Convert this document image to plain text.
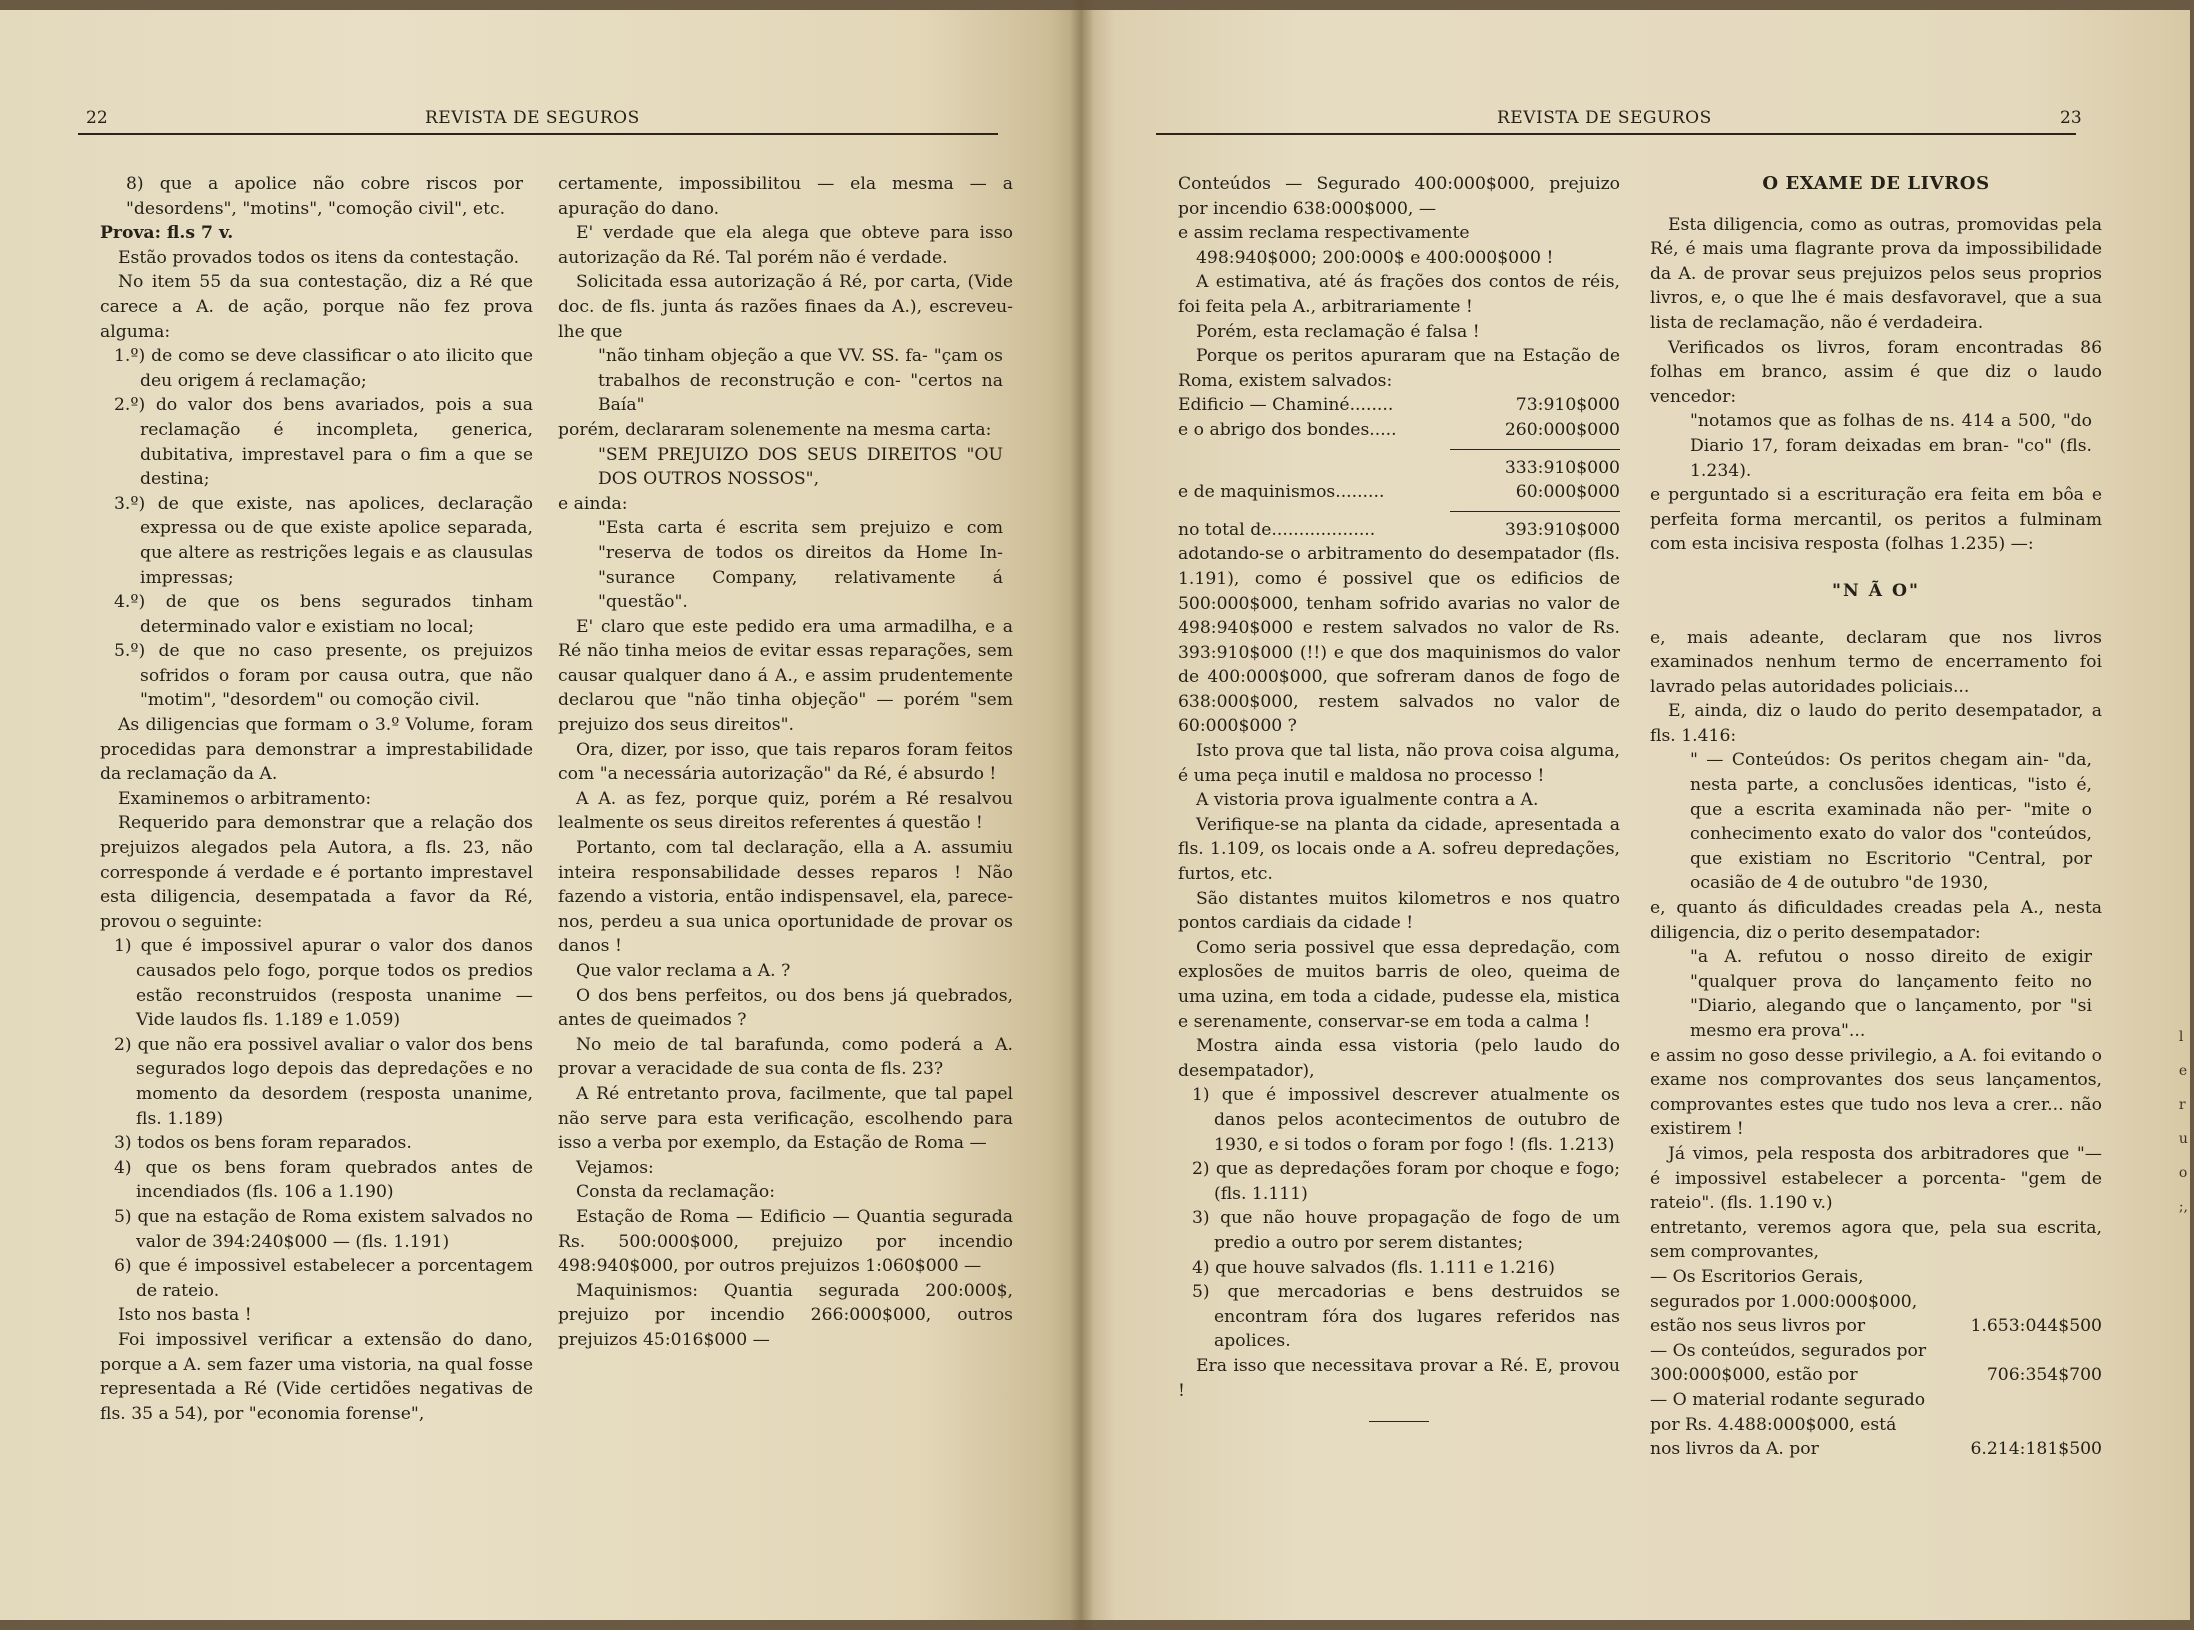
22	REVISTA DE SEGUROS

8) que a apolice não cobre riscos por "desordens", "motins", "comoção civil", etc.

Prova: fl.s 7 v.

Estão provados todos os itens da contestação.

No item 55 da sua contestação, diz a Ré que carece a A. de ação, porque não fez prova alguma:

1.º) de como se deve classificar o ato ilicito que deu origem á reclamação;

2.º) do valor dos bens avariados, pois a sua reclamação é incompleta, generica, dubitativa, imprestavel para o fim a que se destina;

3.º) de que existe, nas apolices, declaração expressa ou de que existe apolice separada, que altere as restrições legais e as clausulas impressas;

4.º) de que os bens segurados tinham determinado valor e existiam no local;

5.º) de que no caso presente, os prejuizos sofridos o foram por causa outra, que não "motim", "desordem" ou comoção civil.

As diligencias que formam o 3.º Volume, foram procedidas para demonstrar a imprestabilidade da reclamação da A.

Examinemos o arbitramento:

Requerido para demonstrar que a relação dos prejuizos alegados pela Autora, a fls. 23, não corresponde á verdade e é portanto imprestavel esta diligencia, desempatada a favor da Ré, provou o seguinte:

1) que é impossivel apurar o valor dos danos causados pelo fogo, porque todos os predios estão reconstruidos (resposta unanime — Vide laudos fls. 1.189 e 1.059)

2) que não era possivel avaliar o valor dos bens segurados logo depois das depredações e no momento da desordem (resposta unanime, fls. 1.189)

3) todos os bens foram reparados.

4) que os bens foram quebrados antes de incendiados (fls. 106 a 1.190)

5) que na estação de Roma existem salvados no valor de 394:240$000 — (fls. 1.191)

6) que é impossivel estabelecer a porcentagem de rateio.

Isto nos basta !

Foi impossivel verificar a extensão do dano, porque a A. sem fazer uma vistoria, na qual fosse representada a Ré (Vide certidões negativas de fls. 35 a 54), por "economia forense",

certamente, impossibilitou — ela mesma — a apuração do dano.

E' verdade que ela alega que obteve para isso autorização da Ré. Tal porém não é verdade.

Solicitada essa autorização á Ré, por carta, (Vide doc. de fls. junta ás razões finaes da A.), escreveu-lhe que

"não tinham objeção a que VV. SS. fa- "çam os trabalhos de reconstrução e con- "certos na Baía"

porém, declararam solenemente na mesma carta:

"SEM PREJUIZO DOS SEUS DIREITOS "OU DOS OUTROS NOSSOS",

e ainda:

"Esta carta é escrita sem prejuizo e com "reserva de todos os direitos da Home In- "surance Company, relativamente á "questão".

E' claro que este pedido era uma armadilha, e a Ré não tinha meios de evitar essas reparações, sem causar qualquer dano á A., e assim prudentemente declarou que "não tinha objeção" — porém "sem prejuizo dos seus direitos".

Ora, dizer, por isso, que tais reparos foram feitos com "a necessária autorização" da Ré, é absurdo !

A A. as fez, porque quiz, porém a Ré resalvou lealmente os seus direitos referentes á questão !

Portanto, com tal declaração, ella a A. assumiu inteira responsabilidade desses reparos ! Não fazendo a vistoria, então indispensavel, ela, parece-nos, perdeu a sua unica oportunidade de provar os danos !

Que valor reclama a A. ?

O dos bens perfeitos, ou dos bens já quebrados, antes de queimados ?

No meio de tal barafunda, como poderá a A. provar a veracidade de sua conta de fls. 23?

A Ré entretanto prova, facilmente, que tal papel não serve para esta verificação, escolhendo para isso a verba por exemplo, da Estação de Roma —

Vejamos:

Consta da reclamação:

Estação de Roma — Edificio — Quantia segurada Rs. 500:000$000, prejuizo por incendio 498:940$000, por outros prejuizos 1:060$000 —

Maquinismos: Quantia segurada 200:000$, prejuizo por incendio 266:000$000, outros prejuizos 45:016$000 —

REVISTA DE SEGUROS	23

Conteúdos — Segurado 400:000$000, prejuizo por incendio 638:000$000, —

e assim reclama respectivamente

498:940$000; 200:000$ e 400:000$000 !

A estimativa, até ás frações dos contos de réis, foi feita pela A., arbitrariamente !

Porém, esta reclamação é falsa !

Porque os peritos apuraram que na Estação de Roma, existem salvados:

Edificio — Chaminé........	73:910$000
e o abrigo dos bondes.....	260:000$000
333:910$000
e de maquinismos.........	60:000$000
no total de...................	393:910$000

adotando-se o arbitramento do desempatador (fls. 1.191), como é possivel que os edificios de 500:000$000, tenham sofrido avarias no valor de 498:940$000 e restem salvados no valor de Rs. 393:910$000 (!!) e que dos maquinismos do valor de 400:000$000, que sofreram danos de fogo de 638:000$000, restem salvados no valor de 60:000$000 ?

Isto prova que tal lista, não prova coisa alguma, é uma peça inutil e maldosa no processo !

A vistoria prova igualmente contra a A.

Verifique-se na planta da cidade, apresentada a fls. 1.109, os locais onde a A. sofreu depredações, furtos, etc.

São distantes muitos kilometros e nos quatro pontos cardiais da cidade !

Como seria possivel que essa depredação, com explosões de muitos barris de oleo, queima de uma uzina, em toda a cidade, pudesse ela, mistica e serenamente, conservar-se em toda a calma !

Mostra ainda essa vistoria (pelo laudo do desempatador),

1) que é impossivel descrever atualmente os danos pelos acontecimentos de outubro de 1930, e si todos o foram por fogo ! (fls. 1.213)

2) que as depredações foram por choque e fogo; (fls. 1.111)

3) que não houve propagação de fogo de um predio a outro por serem distantes;

4) que houve salvados (fls. 1.111 e 1.216)

5) que mercadorias e bens destruidos se encontram fóra dos lugares referidos nas apolices.

Era isso que necessitava provar a Ré. E, provou !

O EXAME DE LIVROS

Esta diligencia, como as outras, promovidas pela Ré, é mais uma flagrante prova da impossibilidade da A. de provar seus prejuizos pelos seus proprios livros, e, o que lhe é mais desfavoravel, que a sua lista de reclamação, não é verdadeira.

Verificados os livros, foram encontradas 86 folhas em branco, assim é que diz o laudo vencedor:

"notamos que as folhas de ns. 414 a 500, "do Diario 17, foram deixadas em bran- "co" (fls. 1.234).

e perguntado si a escrituração era feita em bôa e perfeita forma mercantil, os peritos a fulminam com esta incisiva resposta (folhas 1.235) —:

"N Ã O"

e, mais adeante, declaram que nos livros examinados nenhum termo de encerramento foi lavrado pelas autoridades policiais...

E, ainda, diz o laudo do perito desempatador, a fls. 1.416:

" — Conteúdos: Os peritos chegam ain- "da, nesta parte, a conclusões identicas, "isto é, que a escrita examinada não per- "mite o conhecimento exato do valor dos "conteúdos, que existiam no Escritorio "Central, por ocasião de 4 de outubro "de 1930,

e, quanto ás dificuldades creadas pela A., nesta diligencia, diz o perito desempatador:

"a A. refutou o nosso direito de exigir "qualquer prova do lançamento feito no "Diario, alegando que o lançamento, por "si mesmo era prova"...

e assim no goso desse privilegio, a A. foi evitando o exame nos comprovantes dos seus lançamentos, comprovantes estes que tudo nos leva a crer... não existirem !

Já vimos, pela resposta dos arbitradores que "— é impossivel estabelecer a porcenta- "gem de rateio". (fls. 1.190 v.)

entretanto, veremos agora que, pela sua escrita, sem comprovantes,

— Os Escritorios Gerais, segurados por 1.000:000$000, estão nos seus livros por	1.653:044$500
— Os conteúdos, segurados por 300:000$000, estão por	706:354$700
— O material rodante segurado por Rs. 4.488:000$000, está nos livros da A. por	6.214:181$500
l
e
r
u
o
;,
